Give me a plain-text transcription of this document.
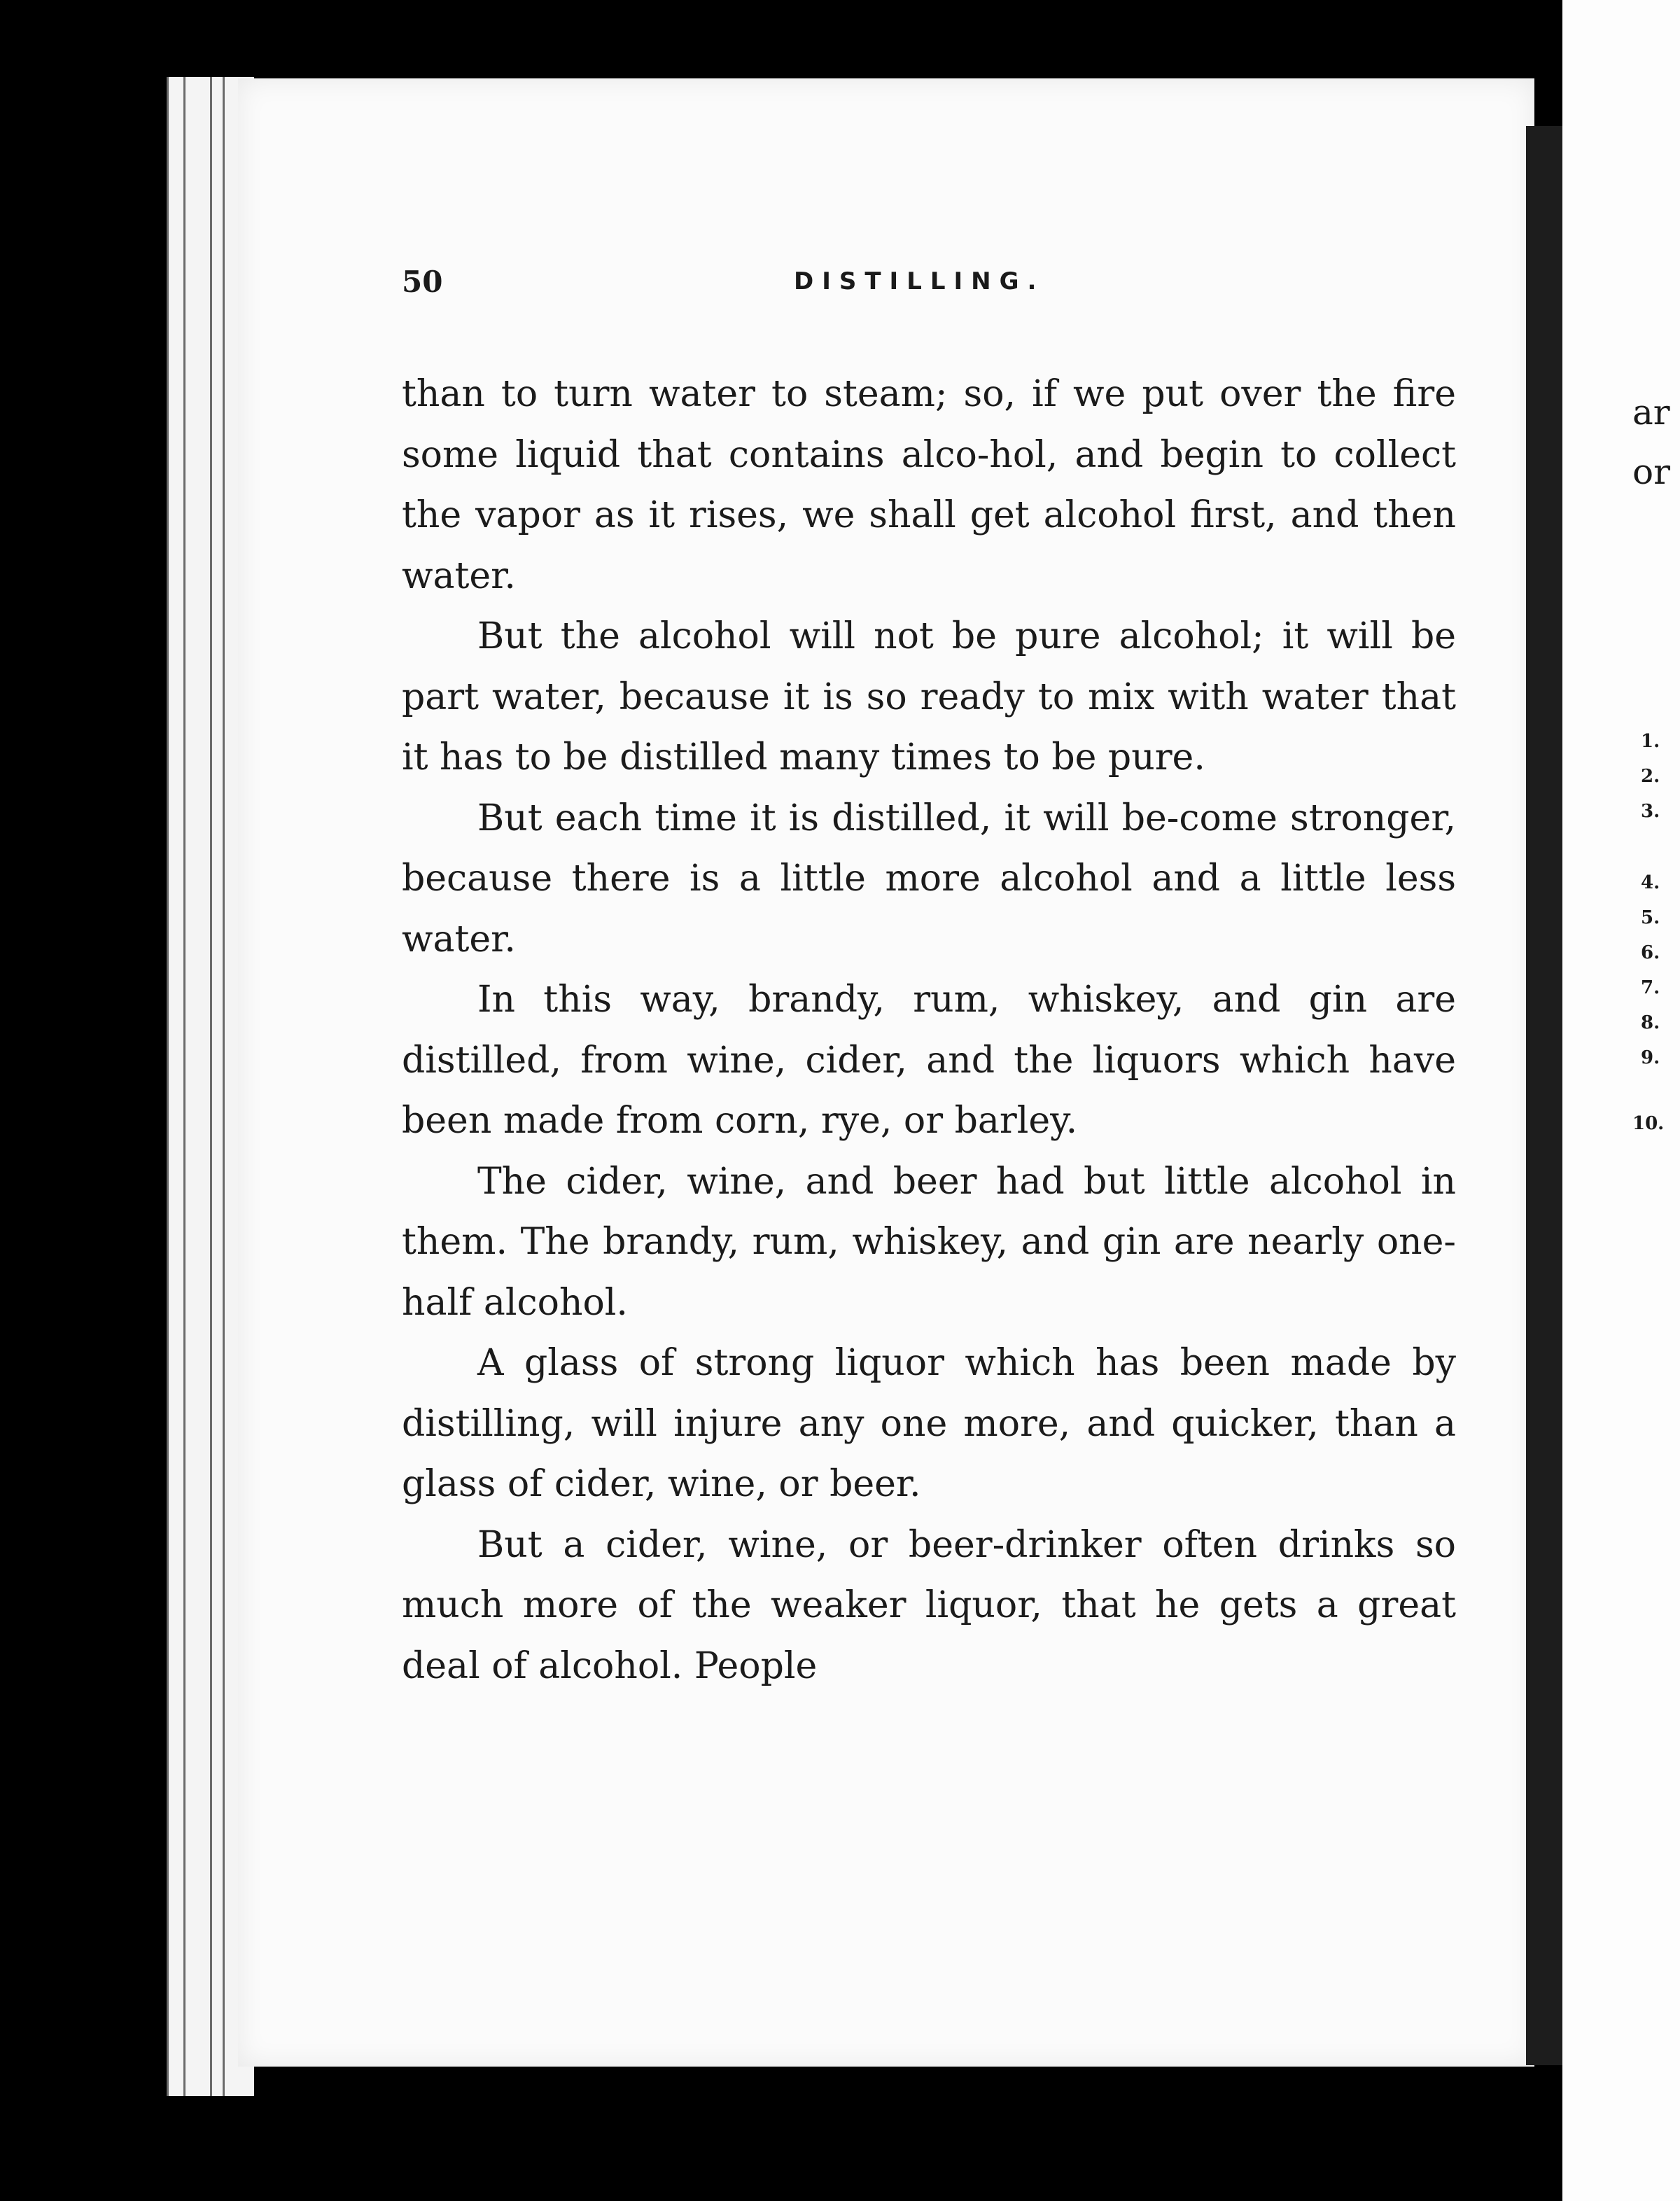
50	DISTILLING.

than to turn water to steam; so, if we put over the fire some liquid that contains alco-hol, and begin to collect the vapor as it rises, we shall get alcohol first, and then water.

But the alcohol will not be pure alcohol; it will be part water, because it is so ready to mix with water that it has to be distilled many times to be pure.

But each time it is distilled, it will be-come stronger, because there is a little more alcohol and a little less water.

In this way, brandy, rum, whiskey, and gin are distilled, from wine, cider, and the liquors which have been made from corn, rye, or barley.

The cider, wine, and beer had but little alcohol in them. The brandy, rum, whiskey, and gin are nearly one-half alcohol.

A glass of strong liquor which has been made by distilling, will injure any one more, and quicker, than a glass of cider, wine, or beer.

But a cider, wine, or beer-drinker often drinks so much more of the weaker liquor, that he gets a great deal of alcohol. People

ar
or
1.
2.
3.
4.
5.
6.
7.
8.
9.
10.
